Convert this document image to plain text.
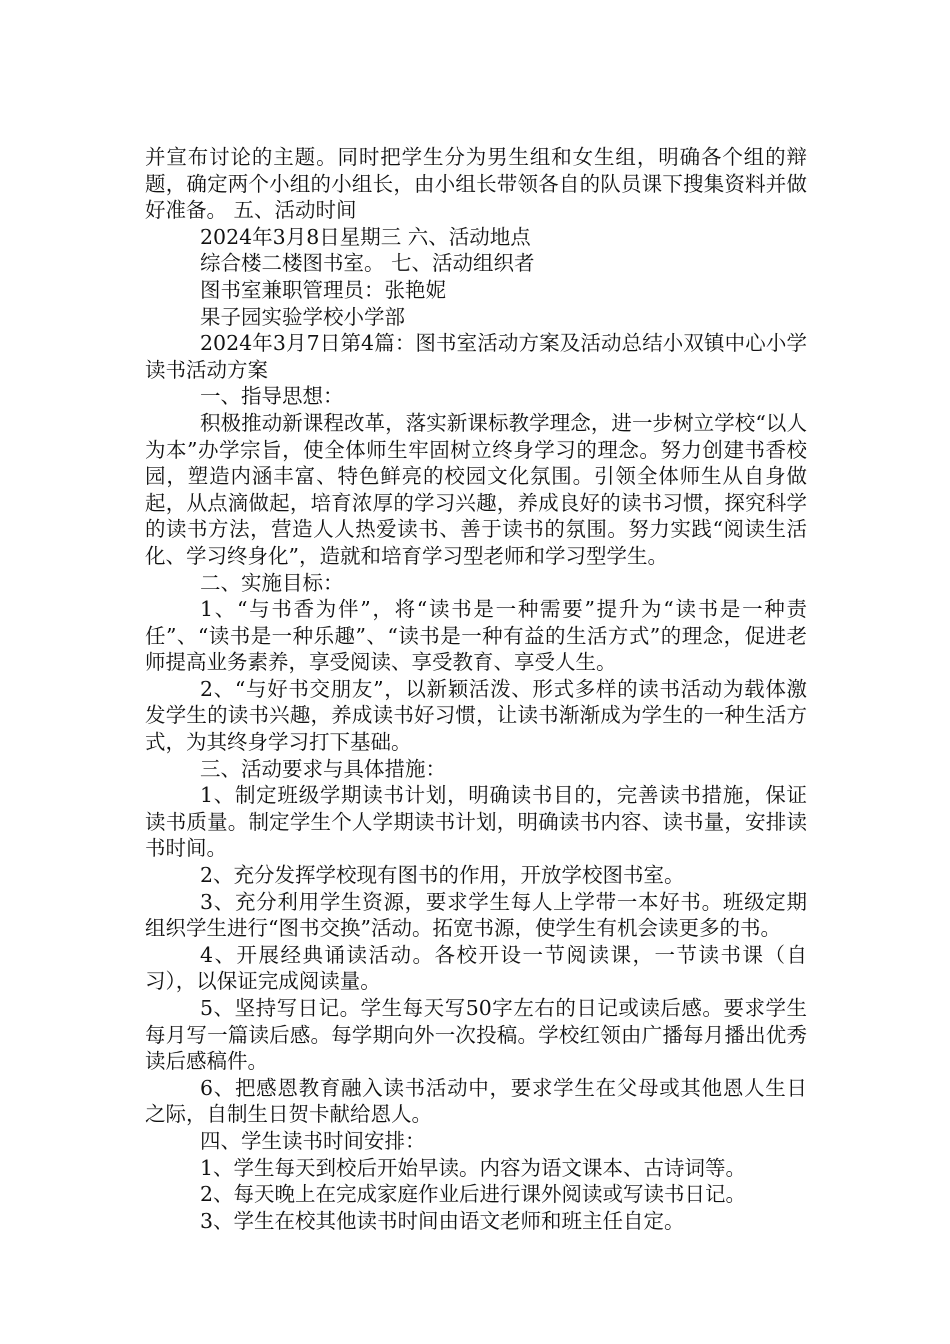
并宣布讨论的主题。同时把学生分为男生组和女生组，明确各个组的辩题，确定两个小组的小组长，由小组长带领各自的队员课下搜集资料并做好准备。 五、活动时间

2024年3月8日星期三 六、活动地点

综合楼二楼图书室。 七、活动组织者

图书室兼职管理员：张艳妮

果子园实验学校小学部

2024年3月7日第4篇：图书室活动方案及活动总结小双镇中心小学读书活动方案

一、指导思想：

积极推动新课程改革，落实新课标教学理念，进一步树立学校“以人为本”办学宗旨，使全体师生牢固树立终身学习的理念。努力创建书香校园，塑造内涵丰富、特色鲜亮的校园文化氛围。引领全体师生从自身做起，从点滴做起，培育浓厚的学习兴趣，养成良好的读书习惯，探究科学的读书方法，营造人人热爱读书、善于读书的氛围。努力实践“阅读生活化、学习终身化”，造就和培育学习型老师和学习型学生。

二、实施目标：

1、“与书香为伴”，将“读书是一种需要”提升为“读书是一种责任”、“读书是一种乐趣”、“读书是一种有益的生活方式”的理念，促进老师提高业务素养，享受阅读、享受教育、享受人生。

2、“与好书交朋友”，以新颖活泼、形式多样的读书活动为载体激发学生的读书兴趣，养成读书好习惯，让读书渐渐成为学生的一种生活方式，为其终身学习打下基础。

三、活动要求与具体措施：

1、制定班级学期读书计划，明确读书目的，完善读书措施，保证读书质量。制定学生个人学期读书计划，明确读书内容、读书量，安排读书时间。

2、充分发挥学校现有图书的作用，开放学校图书室。

3、充分利用学生资源，要求学生每人上学带一本好书。班级定期组织学生进行“图书交换”活动。拓宽书源，使学生有机会读更多的书。

4、开展经典诵读活动。各校开设一节阅读课，一节读书课（自习），以保证完成阅读量。

5、坚持写日记。学生每天写50字左右的日记或读后感。要求学生每月写一篇读后感。每学期向外一次投稿。学校红领由广播每月播出优秀读后感稿件。

6、把感恩教育融入读书活动中，要求学生在父母或其他恩人生日之际，自制生日贺卡献给恩人。

四、学生读书时间安排：

1、学生每天到校后开始早读。内容为语文课本、古诗词等。

2、每天晚上在完成家庭作业后进行课外阅读或写读书日记。

3、学生在校其他读书时间由语文老师和班主任自定。
